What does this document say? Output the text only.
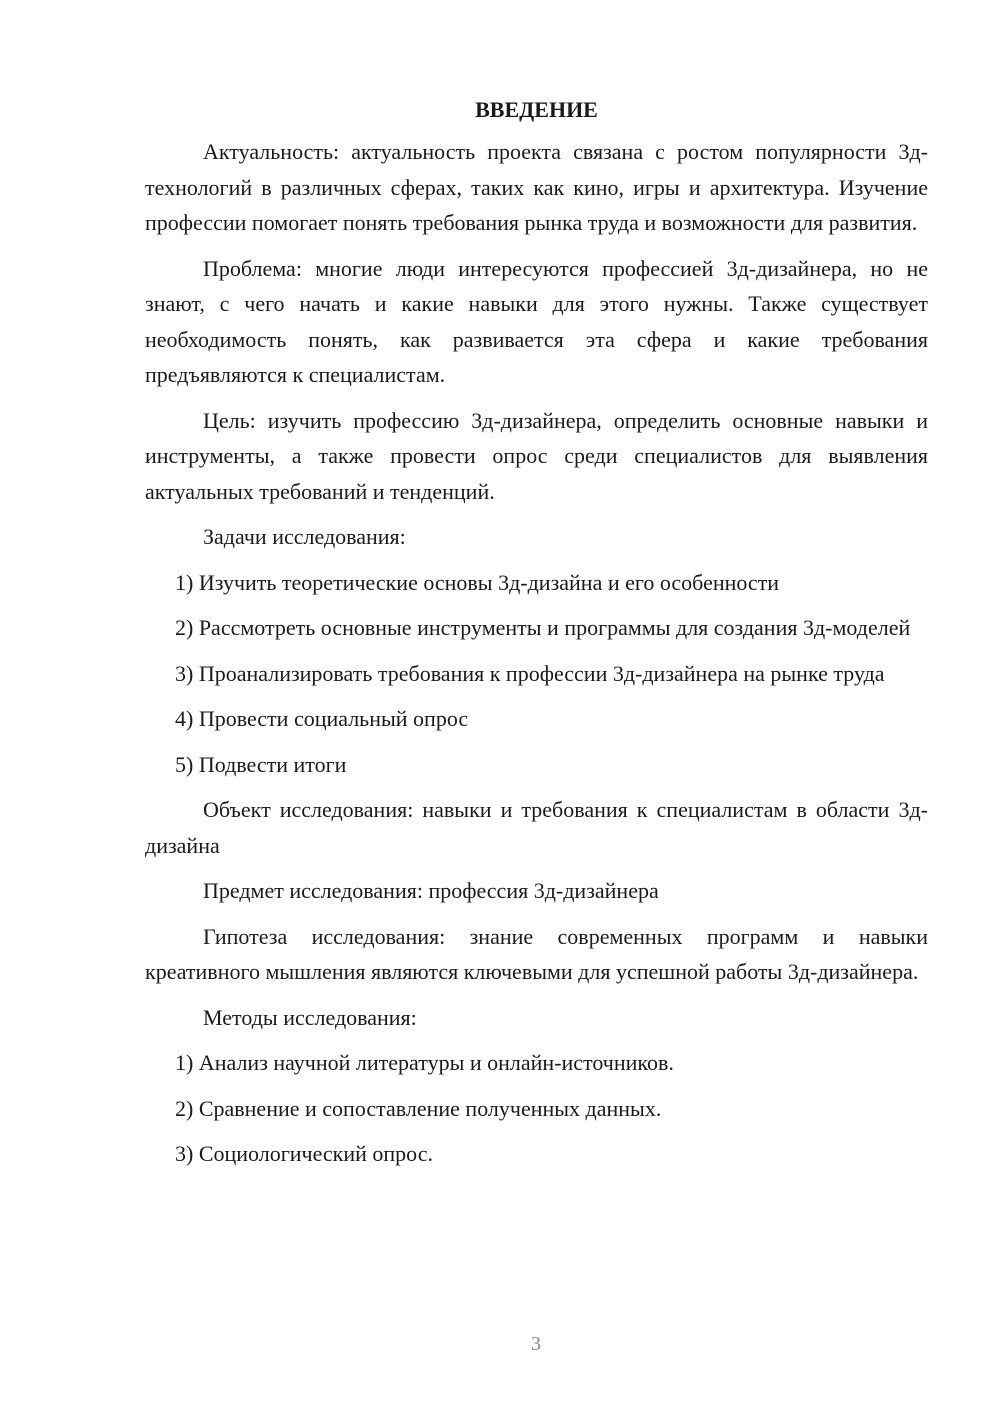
ВВЕДЕНИЕ

Актуальность: актуальность проекта связана с ростом популярности 3д-технологий в различных сферах, таких как кино, игры и архитектура. Изучение профессии помогает понять требования рынка труда и возможности для развития.

Проблема: многие люди интересуются профессией 3д-дизайнера, но не знают, с чего начать и какие навыки для этого нужны. Также существует необходимость понять, как развивается эта сфера и какие требования предъявляются к специалистам.

Цель: изучить профессию 3д-дизайнера, определить основные навыки и инструменты, а также провести опрос среди специалистов для выявления актуальных требований и тенденций.

Задачи исследования:

1) Изучить теоретические основы 3д-дизайна и его особенности

2) Рассмотреть основные инструменты и программы для создания 3д-моделей

3) Проанализировать требования к профессии 3д-дизайнера на рынке труда

4) Провести социальный опрос

5) Подвести итоги

Объект исследования: навыки и требования к специалистам в области 3д-дизайна

Предмет исследования: профессия 3д-дизайнера

Гипотеза исследования: знание современных программ и навыки креативного мышления являются ключевыми для успешной работы 3д-дизайнера.

Методы исследования:

1) Анализ научной литературы и онлайн-источников.

2) Сравнение и сопоставление полученных данных.

3) Социологический опрос.

3
